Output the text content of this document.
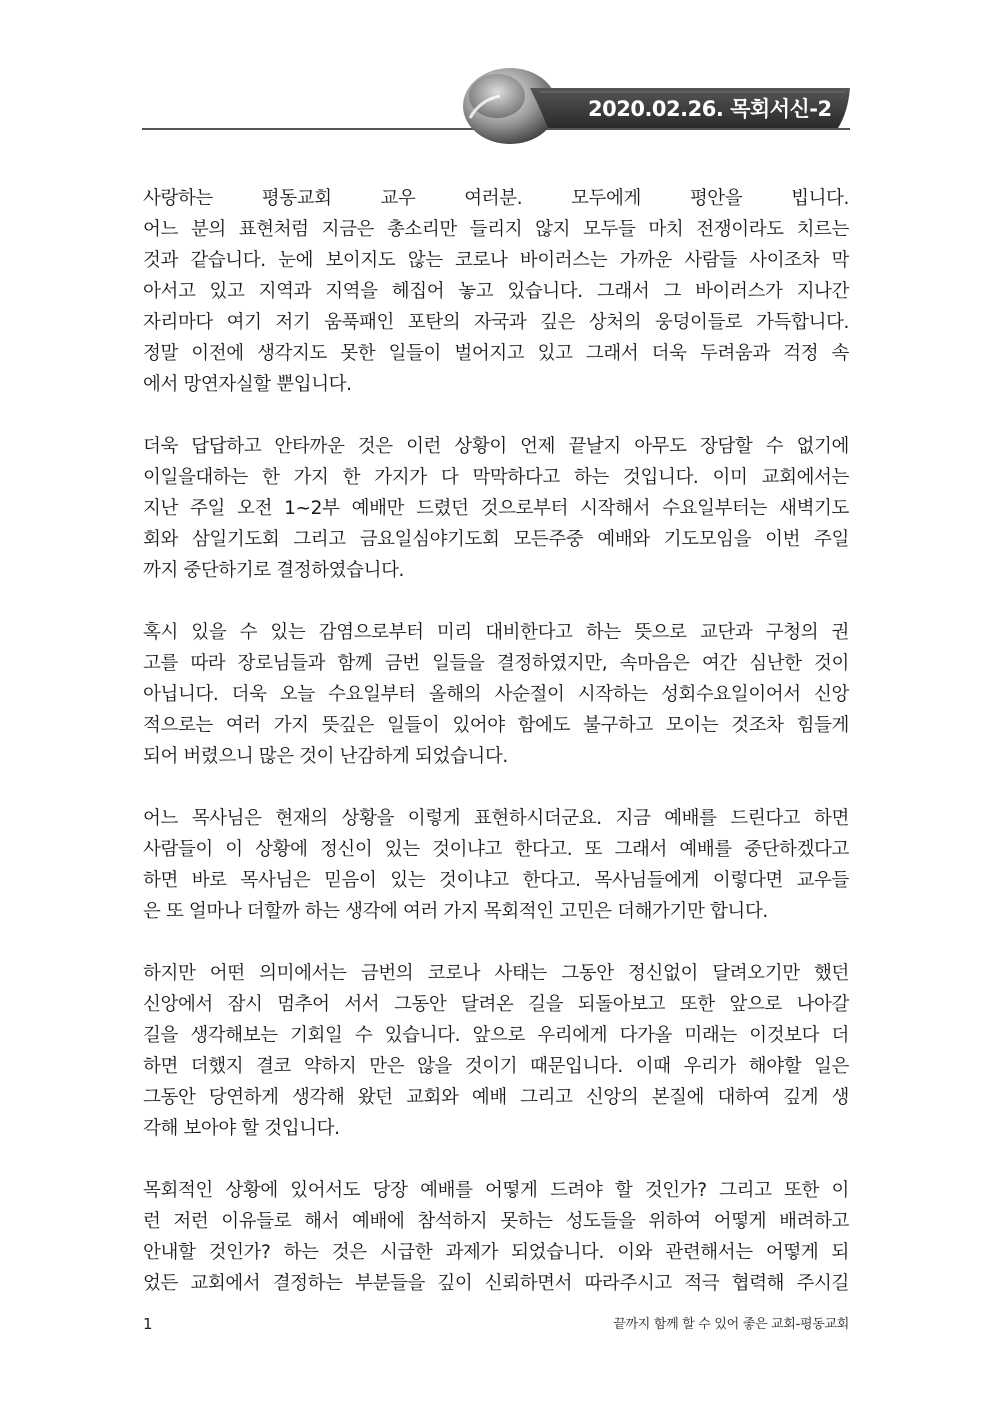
2020.02.26. 목회서신-2
사랑하는 평동교회 교우 여러분. 모두에게 평안을 빕니다.
어느 분의 표현처럼 지금은 총소리만 들리지 않지 모두들 마치 전쟁이라도 치르는
것과 같습니다. 눈에 보이지도 않는 코로나 바이러스는 가까운 사람들 사이조차 막
아서고 있고 지역과 지역을 헤집어 놓고 있습니다. 그래서 그 바이러스가 지나간
자리마다 여기 저기 움푹패인 포탄의 자국과 깊은 상처의 웅덩이들로 가득합니다.
정말 이전에 생각지도 못한 일들이 벌어지고 있고 그래서 더욱 두려움과 걱정 속
에서 망연자실할 뿐입니다.
더욱 답답하고 안타까운 것은 이런 상황이 언제 끝날지 아무도 장담할 수 없기에
이일을대하는 한 가지 한 가지가 다 막막하다고 하는 것입니다. 이미 교회에서는
지난 주일 오전 1~2부 예배만 드렸던 것으로부터 시작해서 수요일부터는 새벽기도
회와 삼일기도회 그리고 금요일심야기도회 모든주중 예배와 기도모임을 이번 주일
까지 중단하기로 결정하였습니다.
혹시 있을 수 있는 감염으로부터 미리 대비한다고 하는 뜻으로 교단과 구청의 권
고를 따라 장로님들과 함께 금번 일들을 결정하였지만, 속마음은 여간 심난한 것이
아닙니다. 더욱 오늘 수요일부터 올해의 사순절이 시작하는 성회수요일이어서 신앙
적으로는 여러 가지 뜻깊은 일들이 있어야 함에도 불구하고 모이는 것조차 힘들게
되어 버렸으니 많은 것이 난감하게 되었습니다.
어느 목사님은 현재의 상황을 이렇게 표현하시더군요. 지금 예배를 드린다고 하면
사람들이 이 상황에 정신이 있는 것이냐고 한다고. 또 그래서 예배를 중단하겠다고
하면 바로 목사님은 믿음이 있는 것이냐고 한다고. 목사님들에게 이렇다면 교우들
은 또 얼마나 더할까 하는 생각에 여러 가지 목회적인 고민은 더해가기만 합니다.
하지만 어떤 의미에서는 금번의 코로나 사태는 그동안 정신없이 달려오기만 했던
신앙에서 잠시 멈추어 서서 그동안 달려온 길을 되돌아보고 또한 앞으로 나아갈
길을 생각해보는 기회일 수 있습니다. 앞으로 우리에게 다가올 미래는 이것보다 더
하면 더했지 결코 약하지 만은 않을 것이기 때문입니다. 이때 우리가 해야할 일은
그동안 당연하게 생각해 왔던 교회와 예배 그리고 신앙의 본질에 대하여 깊게 생
각해 보아야 할 것입니다.
목회적인 상황에 있어서도 당장 예배를 어떻게 드려야 할 것인가? 그리고 또한 이
런 저런 이유들로 해서 예배에 참석하지 못하는 성도들을 위하여 어떻게 배려하고
안내할 것인가? 하는 것은 시급한 과제가 되었습니다. 이와 관련해서는 어떻게 되
었든 교회에서 결정하는 부분들을 깊이 신뢰하면서 따라주시고 적극 협력해 주시길
1	끝까지 함께 할 수 있어 좋은 교회-평동교회
